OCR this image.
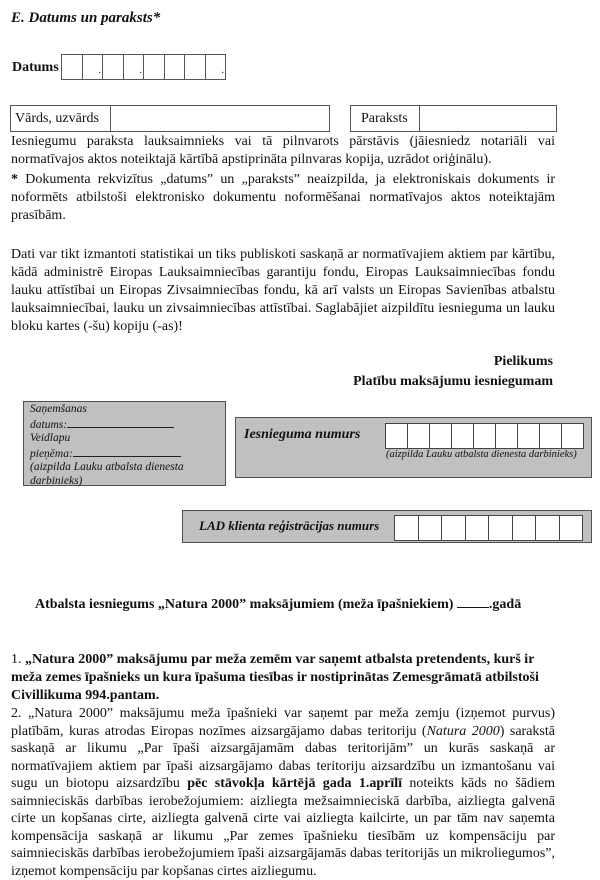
E. Datums un paraksts*
Datums	.	.	.
Vārds, uzvārds	Paraksts
Iesniegumu paraksta lauksaimnieks vai tā pilnvarots pārstāvis (jāiesniedz notariāli vai normatīvajos aktos noteiktajā kārtībā apstiprināta pilnvaras kopija, uzrādot oriģinālu).
* Dokumenta rekvizītus „datums” un „paraksts” neaizpilda, ja elektroniskais dokuments ir noformēts atbilstoši elektronisko dokumentu noformēšanai normatīvajos aktos noteiktajām prasībām.
Dati var tikt izmantoti statistikai un tiks publiskoti saskaņā ar normatīvajiem aktiem par kārtību, kādā administrē Eiropas Lauksaimniecības garantiju fondu, Eiropas Lauksaimniecības fondu lauku attīstībai un Eiropas Zivsaimniecības fondu, kā arī valsts un Eiropas Savienības atbalstu lauksaimniecībai, lauku un zivsaimniecības attīstībai. Saglabājiet aizpildītu iesnieguma un lauku bloku kartes (-šu) kopiju (-as)!
Pielikums
Platību maksājumu iesniegumam
Saņemšanas
datums:
Veidlapu
pieņēma:
(aizpilda Lauku atbalsta dienesta darbinieks)
Iesnieguma numurs
(aizpilda Lauku atbalsta dienesta darbinieks)
LAD klienta reģistrācijas numurs
Atbalsta iesniegums „Natura 2000” maksājumiem (meža īpašniekiem)	.gadā
1. „Natura 2000” maksājumu par meža zemēm var saņemt atbalsta pretendents, kurš ir meža zemes īpašnieks un kura īpašuma tiesības ir nostiprinātas Zemesgrāmatā atbilstoši Civillikuma 994.pantam.
2. „Natura 2000” maksājumu meža īpašnieki var saņemt par meža zemju (izņemot purvus) platībām, kuras atrodas Eiropas nozīmes aizsargājamo dabas teritoriju (Natura 2000) sarakstā saskaņā ar likumu „Par īpaši aizsargājamām dabas teritorijām” un kurās saskaņā ar normatīvajiem aktiem par īpaši aizsargājamo dabas teritoriju aizsardzību un izmantošanu vai sugu un biotopu aizsardzību pēc stāvokļa kārtējā gada 1.aprīlī noteikts kāds no šādiem saimnieciskās darbības ierobežojumiem: aizliegta mežsaimnieciskā darbība, aizliegta galvenā cirte un kopšanas cirte, aizliegta galvenā cirte vai aizliegta kailcirte, un par tām nav saņemta kompensācija saskaņā ar likumu „Par zemes īpašnieku tiesībām uz kompensāciju par saimnieciskās darbības ierobežojumiem īpaši aizsargājamās dabas teritorijās un mikroliegumos”, izņemot kompensāciju par kopšanas cirtes aizliegumu.
